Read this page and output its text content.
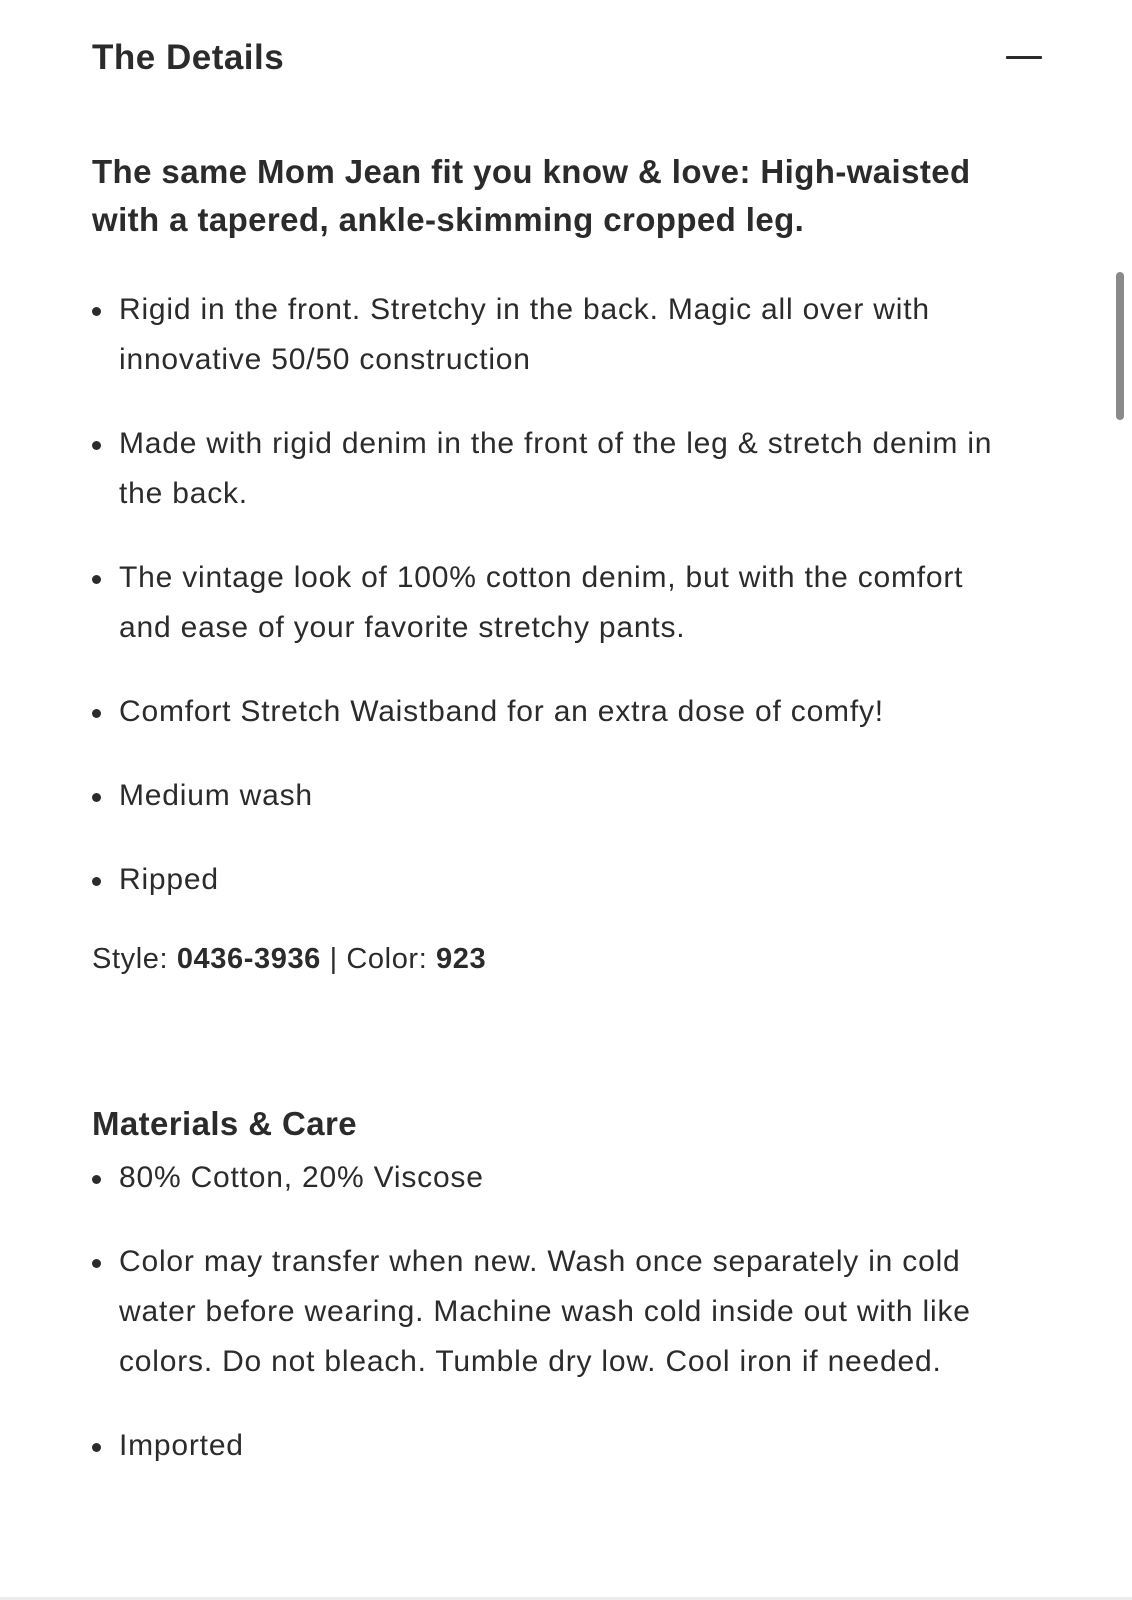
The Details
The same Mom Jean fit you know & love: High-waisted with a tapered, ankle-skimming cropped leg.
Rigid in the front. Stretchy in the back. Magic all over with innovative 50/50 construction
Made with rigid denim in the front of the leg & stretch denim in the back.
The vintage look of 100% cotton denim, but with the comfort and ease of your favorite stretchy pants.
Comfort Stretch Waistband for an extra dose of comfy!
Medium wash
Ripped
Style: 0436-3936 | Color: 923
Materials & Care
80% Cotton, 20% Viscose
Color may transfer when new. Wash once separately in cold water before wearing. Machine wash cold inside out with like colors. Do not bleach. Tumble dry low. Cool iron if needed.
Imported
